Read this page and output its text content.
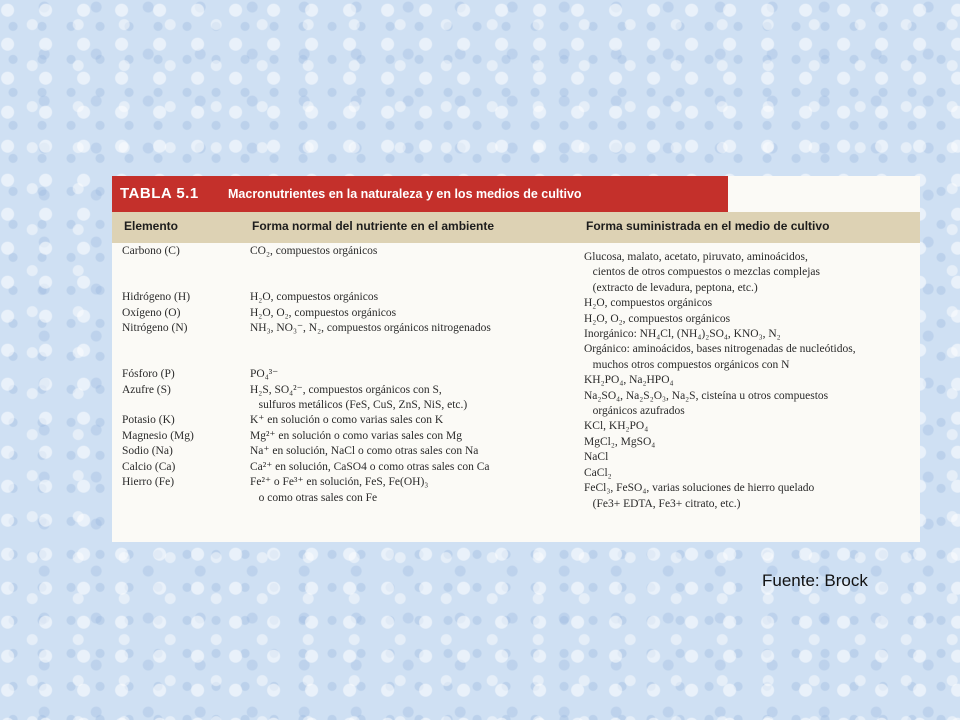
TABLA 5.1 Macronutrientes en la naturaleza y en los medios de cultivo
Elemento	Forma normal del nutriente en el ambiente	Forma suministrada en el medio de cultivo
Carbono (C)

Hidrógeno (H)
Oxígeno (O)
Nitrógeno (N)

Fósforo (P)
Azufre (S)

Potasio (K)
Magnesio (Mg)
Sodio (Na)
Calcio (Ca)
Hierro (Fe)
CO₂, compuestos orgánicos

H₂O, compuestos orgánicos
H₂O, O₂, compuestos orgánicos
NH₃, NO₃⁻, N₂, compuestos orgánicos nitrogenados

PO₄³⁻
H₂S, SO₄²⁻, compuestos orgánicos con S,
sulfuros metálicos (FeS, CuS, ZnS, NiS, etc.)
K⁺ en solución o como varias sales con K
Mg²⁺ en solución o como varias sales con Mg
Na⁺ en solución, NaCl o como otras sales con Na
Ca²⁺ en solución, CaSO4 o como otras sales con Ca
Fe²⁺ o Fe³⁺ en solución, FeS, Fe(OH)₃
o como otras sales con Fe
Glucosa, malato, acetato, piruvato, aminoácidos,
cientos de otros compuestos o mezclas complejas
(extracto de levadura, peptona, etc.)
H₂O, compuestos orgánicos
H₂O, O₂, compuestos orgánicos
Inorgánico: NH₄Cl, (NH₄)₂SO₄, KNO₃, N₂
Orgánico: aminoácidos, bases nitrogenadas de nucleótidos,
muchos otros compuestos orgánicos con N
KH₂PO₄, Na₂HPO₄
Na₂SO₄, Na₂S₂O₃, Na₂S, cisteína u otros compuestos
orgánicos azufrados
KCl, KH₂PO₄
MgCl₂, MgSO₄
NaCl
CaCl₂
FeCl₃, FeSO₄, varias soluciones de hierro quelado
(Fe3+ EDTA, Fe3+ citrato, etc.)
Fuente: Brock
